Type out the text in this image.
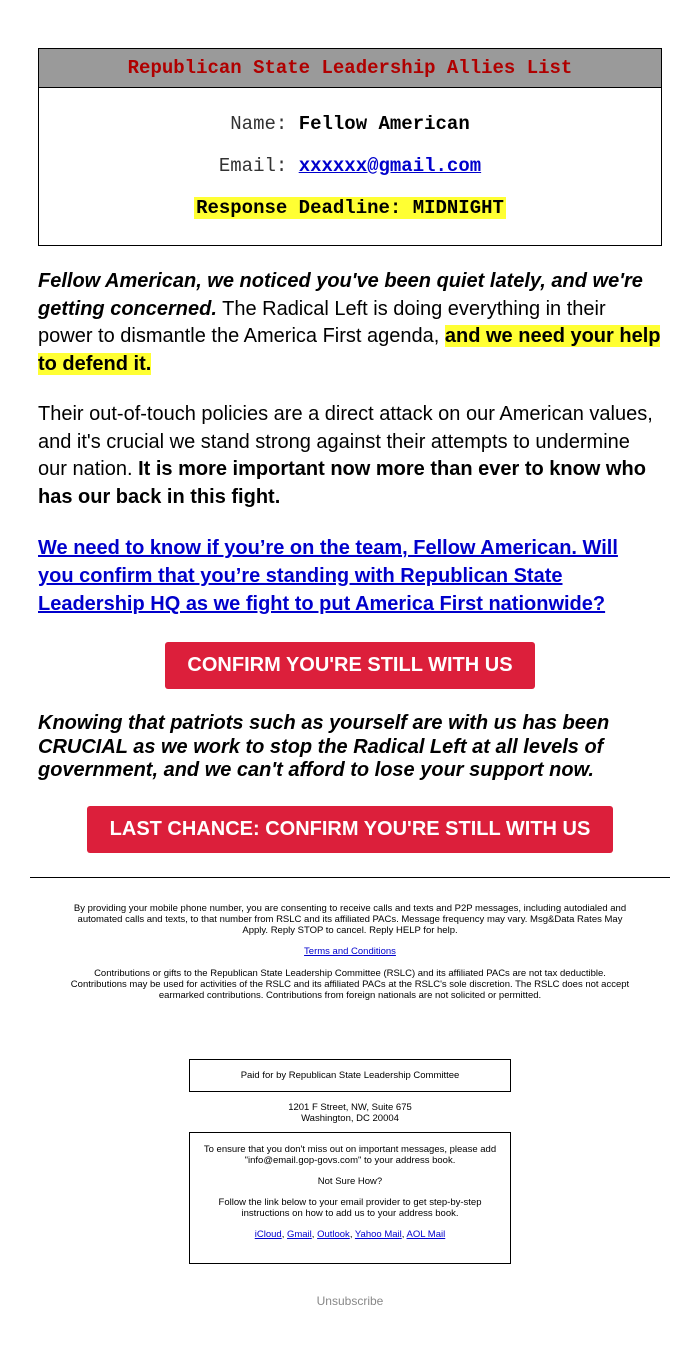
Republican State Leadership Allies List
Name: Fellow American
Email: xxxxxx@gmail.com
Response Deadline: MIDNIGHT
Fellow American, we noticed you've been quiet lately, and we're getting concerned. The Radical Left is doing everything in their power to dismantle the America First agenda, and we need your help to defend it.
Their out-of-touch policies are a direct attack on our American values, and it's crucial we stand strong against their attempts to undermine our nation. It is more important now more than ever to know who has our back in this fight.
We need to know if you’re on the team, Fellow American. Will you confirm that you’re standing with Republican State Leadership HQ as we fight to put America First nationwide?
CONFIRM YOU'RE STILL WITH US
Knowing that patriots such as yourself are with us has been CRUCIAL as we work to stop the Radical Left at all levels of government, and we can't afford to lose your support now.
LAST CHANCE: CONFIRM YOU'RE STILL WITH US
By providing your mobile phone number, you are consenting to receive calls and texts and P2P messages, including autodialed and automated calls and texts, to that number from RSLC and its affiliated PACs. Message frequency may vary. Msg&Data Rates May Apply. Reply STOP to cancel. Reply HELP for help.
Terms and Conditions
Contributions or gifts to the Republican State Leadership Committee (RSLC) and its affiliated PACs are not tax deductible. Contributions may be used for activities of the RSLC and its affiliated PACs at the RSLC's sole discretion. The RSLC does not accept earmarked contributions. Contributions from foreign nationals are not solicited or permitted.
Paid for by Republican State Leadership Committee
1201 F Street, NW, Suite 675
Washington, DC 20004
To ensure that you don't miss out on important messages, please add "info@email.gop-govs.com" to your address book.
Not Sure How?
Follow the link below to your email provider to get step-by-step instructions on how to add us to your address book.
iCloud, Gmail, Outlook, Yahoo Mail, AOL Mail
Unsubscribe
